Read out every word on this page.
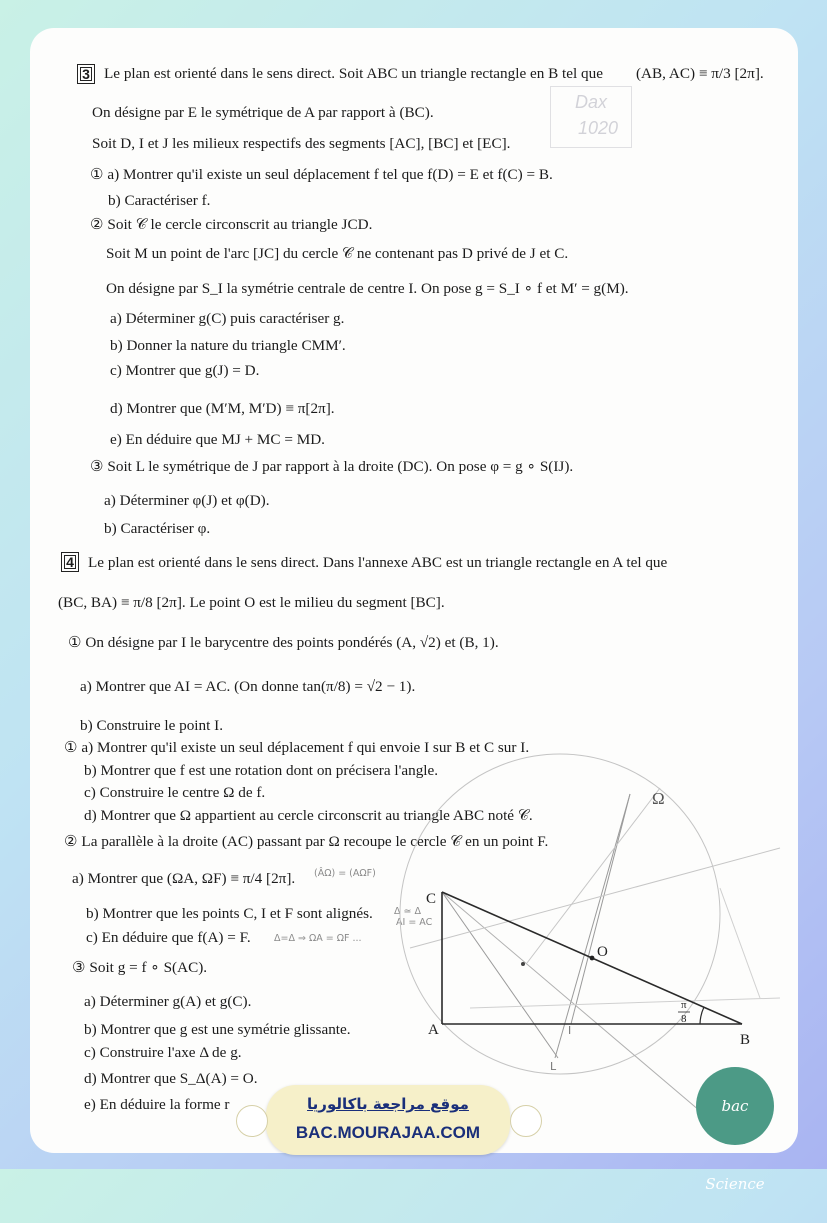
Dax
1020
3 Le plan est orienté dans le sens direct. Soit ABC un triangle rectangle en B tel que (AB, AC) ≡ π/3 [2π].
On désigne par E le symétrique de A par rapport à (BC).
Soit D, I et J les milieux respectifs des segments [AC], [BC] et [EC].
① a) Montrer qu'il existe un seul déplacement f tel que f(D) = E et f(C) = B.
b) Caractériser f.
② Soit 𝒞 le cercle circonscrit au triangle JCD.
Soit M un point de l'arc [JC] du cercle 𝒞 ne contenant pas D privé de J et C.
On désigne par S_I la symétrie centrale de centre I. On pose g = S_I ∘ f et M′ = g(M).
a) Déterminer g(C) puis caractériser g.
b) Donner la nature du triangle CMM′.
c) Montrer que g(J) = D.
d) Montrer que (M′M, M′D) ≡ π[2π].
e) En déduire que MJ + MC = MD.
③ Soit L le symétrique de J par rapport à la droite (DC). On pose φ = g ∘ S(IJ).
a) Déterminer φ(J) et φ(D).
b) Caractériser φ.
4 Le plan est orienté dans le sens direct. Dans l'annexe ABC est un triangle rectangle en A tel que
(BC, BA) ≡ π/8 [2π]. Le point O est le milieu du segment [BC].
① On désigne par I le barycentre des points pondérés (A, √2) et (B, 1).
a) Montrer que AI = AC. (On donne tan(π/8) = √2 − 1).
b) Construire le point I.
① a) Montrer qu'il existe un seul déplacement f qui envoie I sur B et C sur I.
b) Montrer que f est une rotation dont on précisera l'angle.
c) Construire le centre Ω de f.
d) Montrer que Ω appartient au cercle circonscrit au triangle ABC noté 𝒞.
② La parallèle à la droite (AC) passant par Ω recoupe le cercle 𝒞 en un point F.
a) Montrer que (ΩA, ΩF) ≡ π/4 [2π].
b) Montrer que les points C, I et F sont alignés.
c) En déduire que f(A) = F.
③ Soit g = f ∘ S(AC).
a) Déterminer g(A) et g(C).
b) Montrer que g est une symétrie glissante.
c) Construire l'axe Δ de g.
d) Montrer que S_Δ(A) = O.
e) En déduire la forme r
(ÂΩ) = (AΩF)
Δ ≃ Δ
AI = AC
Δ=Δ ⇒ ΩA = ΩF ...
Ω
C
A
B
O
I
L
π
8
موقع مراجعة باكالوريا
BAC.MOURAJAA.COM
bac Science
